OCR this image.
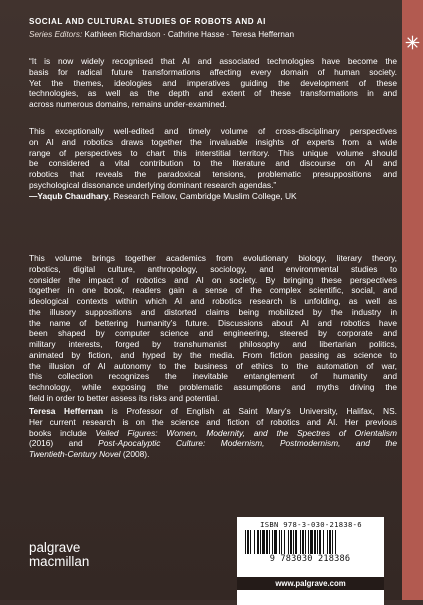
SOCIAL AND CULTURAL STUDIES OF ROBOTS AND AI
Series Editors: Kathleen Richardson · Cathrine Hasse · Teresa Heffernan
“It is now widely recognised that AI and associated technologies have become the
basis for radical future transformations affecting every domain of human society.
Yet the themes, ideologies and imperatives guiding the development of these
technologies, as well as the depth and extent of these transformations in and
across numerous domains, remains under-examined.
This exceptionally well-edited and timely volume of cross-disciplinary perspectives
on AI and robotics draws together the invaluable insights of experts from a wide
range of perspectives to chart this interstitial territory. This unique volume should
be considered a vital contribution to the literature and discourse on AI and
robotics that reveals the paradoxical tensions, problematic presuppositions and
psychological dissonance underlying dominant research agendas.”
—Yaqub Chaudhary, Research Fellow, Cambridge Muslim College, UK
This volume brings together academics from evolutionary biology, literary theory,
robotics, digital culture, anthropology, sociology, and environmental studies to
consider the impact of robotics and AI on society. By bringing these perspectives
together in one book, readers gain a sense of the complex scientific, social, and
ideological contexts within which AI and robotics research is unfolding, as well as
the illusory suppositions and distorted claims being mobilized by the industry in
the name of bettering humanity’s future. Discussions about AI and robotics have
been shaped by computer science and engineering, steered by corporate and
military interests, forged by transhumanist philosophy and libertarian politics,
animated by fiction, and hyped by the media. From fiction passing as science to
the illusion of AI autonomy to the business of ethics to the automation of war,
this collection recognizes the inevitable entanglement of humanity and
technology, while exposing the problematic assumptions and myths driving the
field in order to better assess its risks and potential.
Teresa Heffernan is Professor of English at Saint Mary’s University, Halifax, NS.
Her current research is on the science and fiction of robotics and AI. Her previous
books include Veiled Figures: Women, Modernity, and the Spectres of Orientalism
(2016) and Post-Apocalyptic Culture: Modernism, Postmodernism, and the
Twentieth-Century Novel (2008).
ISBN 978-3-030-21838-6
9 783030 218386
www.palgrave.com
palgrave
macmillan
